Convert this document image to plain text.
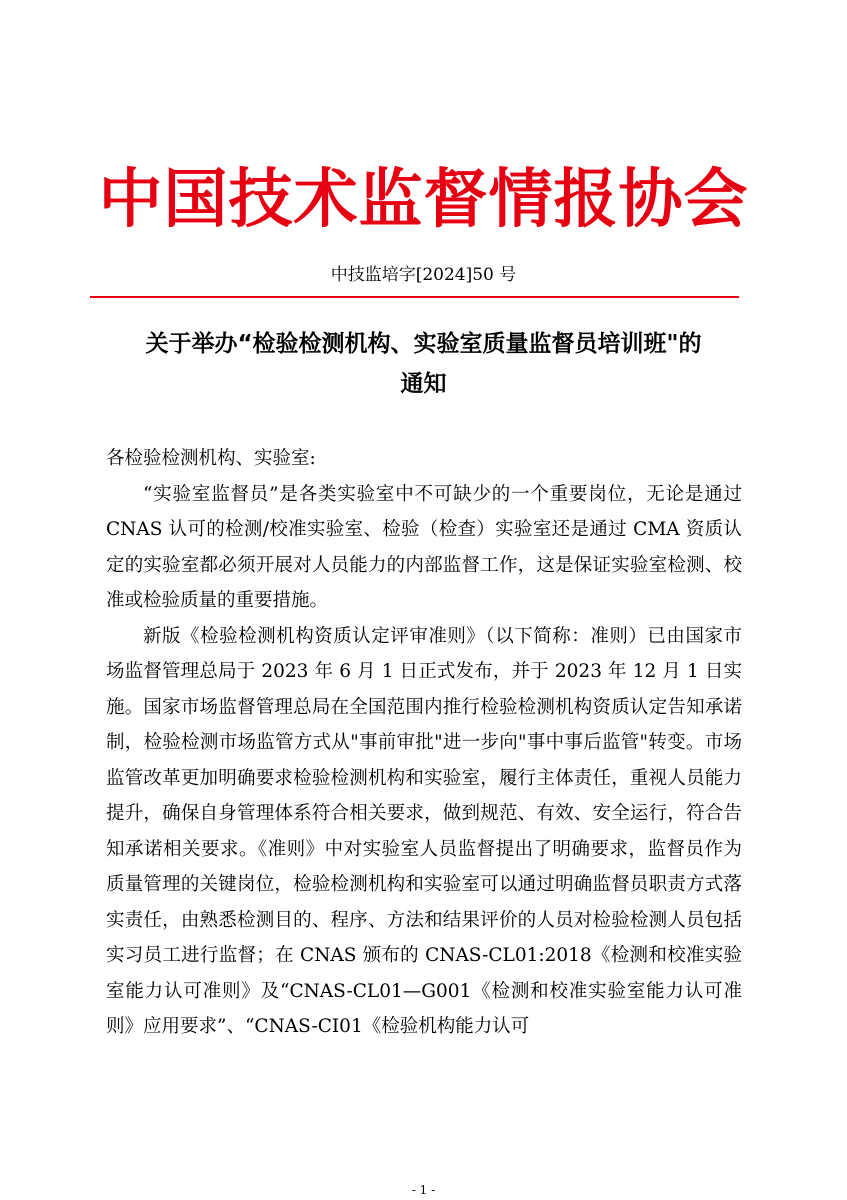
中国技术监督情报协会
中技监培字[2024]50 号
关于举办“检验检测机构、实验室质量监督员培训班"的
通知

各检验检测机构、实验室:

“实验室监督员”是各类实验室中不可缺少的一个重要岗位，无论是通过 CNAS 认可的检测/校准实验室、检验（检查）实验室还是通过 CMA 资质认定的实验室都必须开展对人员能力的内部监督工作，这是保证实验室检测、校准或检验质量的重要措施。

新版《检验检测机构资质认定评审准则》（以下简称：准则）已由国家市场监督管理总局于 2023 年 6 月 1 日正式发布，并于 2023 年 12 月 1 日实施。国家市场监督管理总局在全国范围内推行检验检测机构资质认定告知承诺制，检验检测市场监管方式从"事前审批"进一步向"事中事后监管"转变。市场监管改革更加明确要求检验检测机构和实验室，履行主体责任，重视人员能力提升，确保自身管理体系符合相关要求，做到规范、有效、安全运行，符合告知承诺相关要求。《准则》中对实验室人员监督提出了明确要求，监督员作为质量管理的关键岗位，检验检测机构和实验室可以通过明确监督员职责方式落实责任，由熟悉检测目的、程序、方法和结果评价的人员对检验检测人员包括实习员工进行监督；在 CNAS 颁布的 CNAS-CL01:2018《检测和校准实验室能力认可准则》及“CNAS-CL01—G001《检测和校准实验室能力认可准则》应用要求”、“CNAS-CI01《检验机构能力认可

- 1 -
